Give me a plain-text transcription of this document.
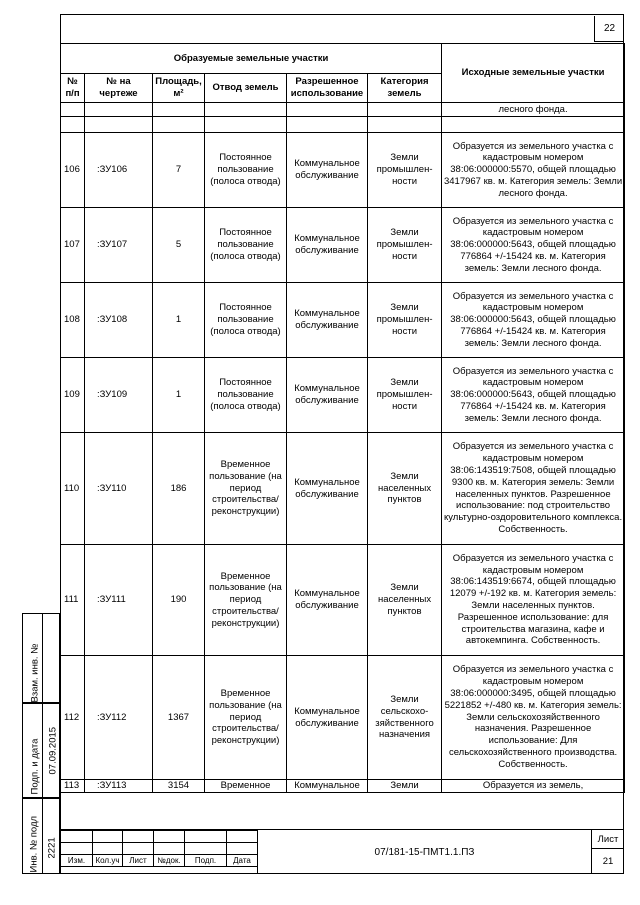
22
Образуемые земельные участки						Исходные земельные участки
№ п/п	№ на чертеже	Площадь, м²	Отвод земель	Разрешенное использование	Категория земель	
						лесного фонда.

106	:ЗУ106	7	Постоянное пользование (полоса отвода)	Коммунальное обслуживание	Земли промышлен-ности	Образуется из земельного участка с кадастровым номером 38:06:000000:5570, общей площадью 3417967 кв. м. Категория земель: Земли лесного фонда.
107	:ЗУ107	5	Постоянное пользование (полоса отвода)	Коммунальное обслуживание	Земли промышлен-ности	Образуется из земельного участка с кадастровым номером 38:06:000000:5643, общей площадью 776864 +/-15424 кв. м. Категория земель: Земли лесного фонда.
108	:ЗУ108	1	Постоянное пользование (полоса отвода)	Коммунальное обслуживание	Земли промышлен-ности	Образуется из земельного участка с кадастровым номером 38:06:000000:5643, общей площадью 776864 +/-15424 кв. м. Категория земель: Земли лесного фонда.
109	:ЗУ109	1	Постоянное пользование (полоса отвода)	Коммунальное обслуживание	Земли промышлен-ности	Образуется из земельного участка с кадастровым номером 38:06:000000:5643, общей площадью 776864 +/-15424 кв. м. Категория земель: Земли лесного фонда.
110	:ЗУ110	186	Временное пользование (на период строительства/ реконструкции)	Коммунальное обслуживание	Земли населенных пунктов	Образуется из земельного участка с кадастровым номером 38:06:143519:7508, общей площадью 9300 кв. м. Категория земель: Земли населенных пунктов. Разрешенное использование: под строительство культурно-оздоровительного комплекса. Собственность.
111	:ЗУ111	190	Временное пользование (на период строительства/ реконструкции)	Коммунальное обслуживание	Земли населенных пунктов	Образуется из земельного участка с кадастровым номером 38:06:143519:6674, общей площадью 12079 +/-192 кв. м. Категория земель: Земли населенных пунктов. Разрешенное использование: для строительства магазина, кафе и автокемпинга. Собственность.
112	:ЗУ112	1367	Временное пользование (на период строительства/ реконструкции)	Коммунальное обслуживание	Земли сельскохо-зяйственного назначения	Образуется из земельного участка с кадастровым номером 38:06:000000:3495, общей площадью 5221852 +/-480 кв. м. Категория земель: Земли сельскохозяйственного назначения. Разрешенное использование: Для сельскохозяйственного производства. Собственность.
113	:ЗУ113	3154	Временное	Коммунальное	Земли	Образуется из земель,
Взам. инв. №
Подп. и дата 07.09.2015
Инв. № подл 2221

Изм.	Кол.уч	Лист	№док.	Подп.	Дата
07/181-15-ПМТ1.1.ПЗ
Лист
21
